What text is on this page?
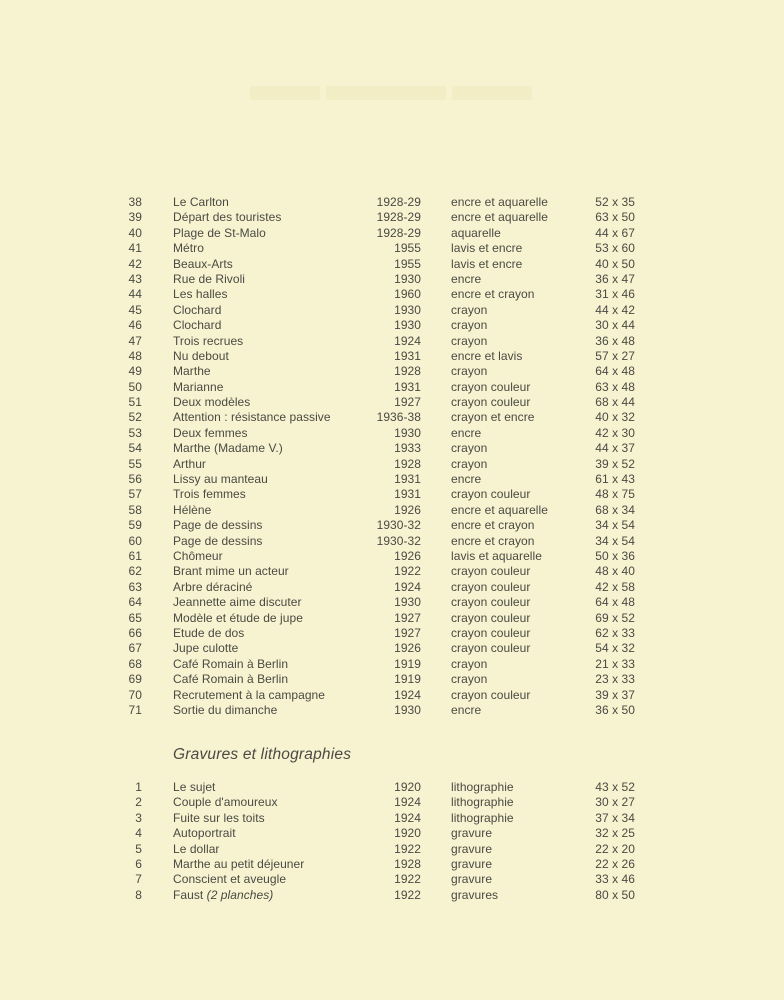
38	Le Carlton	1928-29	encre et aquarelle	52 x 35
39	Départ des touristes	1928-29	encre et aquarelle	63 x 50
40	Plage de St-Malo	1928-29	aquarelle	44 x 67
41	Métro	1955	lavis et encre	53 x 60
42	Beaux-Arts	1955	lavis et encre	40 x 50
43	Rue de Rivoli	1930	encre	36 x 47
44	Les halles	1960	encre et crayon	31 x 46
45	Clochard	1930	crayon	44 x 42
46	Clochard	1930	crayon	30 x 44
47	Trois recrues	1924	crayon	36 x 48
48	Nu debout	1931	encre et lavis	57 x 27
49	Marthe	1928	crayon	64 x 48
50	Marianne	1931	crayon couleur	63 x 48
51	Deux modèles	1927	crayon couleur	68 x 44
52	Attention : résistance passive	1936-38	crayon et encre	40 x 32
53	Deux femmes	1930	encre	42 x 30
54	Marthe (Madame V.)	1933	crayon	44 x 37
55	Arthur	1928	crayon	39 x 52
56	Lissy au manteau	1931	encre	61 x 43
57	Trois femmes	1931	crayon couleur	48 x 75
58	Hélène	1926	encre et aquarelle	68 x 34
59	Page de dessins	1930-32	encre et crayon	34 x 54
60	Page de dessins	1930-32	encre et crayon	34 x 54
61	Chômeur	1926	lavis et aquarelle	50 x 36
62	Brant mime un acteur	1922	crayon couleur	48 x 40
63	Arbre déraciné	1924	crayon couleur	42 x 58
64	Jeannette aime discuter	1930	crayon couleur	64 x 48
65	Modèle et étude de jupe	1927	crayon couleur	69 x 52
66	Etude de dos	1927	crayon couleur	62 x 33
67	Jupe culotte	1926	crayon couleur	54 x 32
68	Café Romain à Berlin	1919	crayon	21 x 33
69	Café Romain à Berlin	1919	crayon	23 x 33
70	Recrutement à la campagne	1924	crayon couleur	39 x 37
71	Sortie du dimanche	1930	encre	36 x 50
Gravures et lithographies
1	Le sujet	1920	lithographie	43 x 52
2	Couple d'amoureux	1924	lithographie	30 x 27
3	Fuite sur les toits	1924	lithographie	37 x 34
4	Autoportrait	1920	gravure	32 x 25
5	Le dollar	1922	gravure	22 x 20
6	Marthe au petit déjeuner	1928	gravure	22 x 26
7	Conscient et aveugle	1922	gravure	33 x 46
8	Faust (2 planches)	1922	gravures	80 x 50
